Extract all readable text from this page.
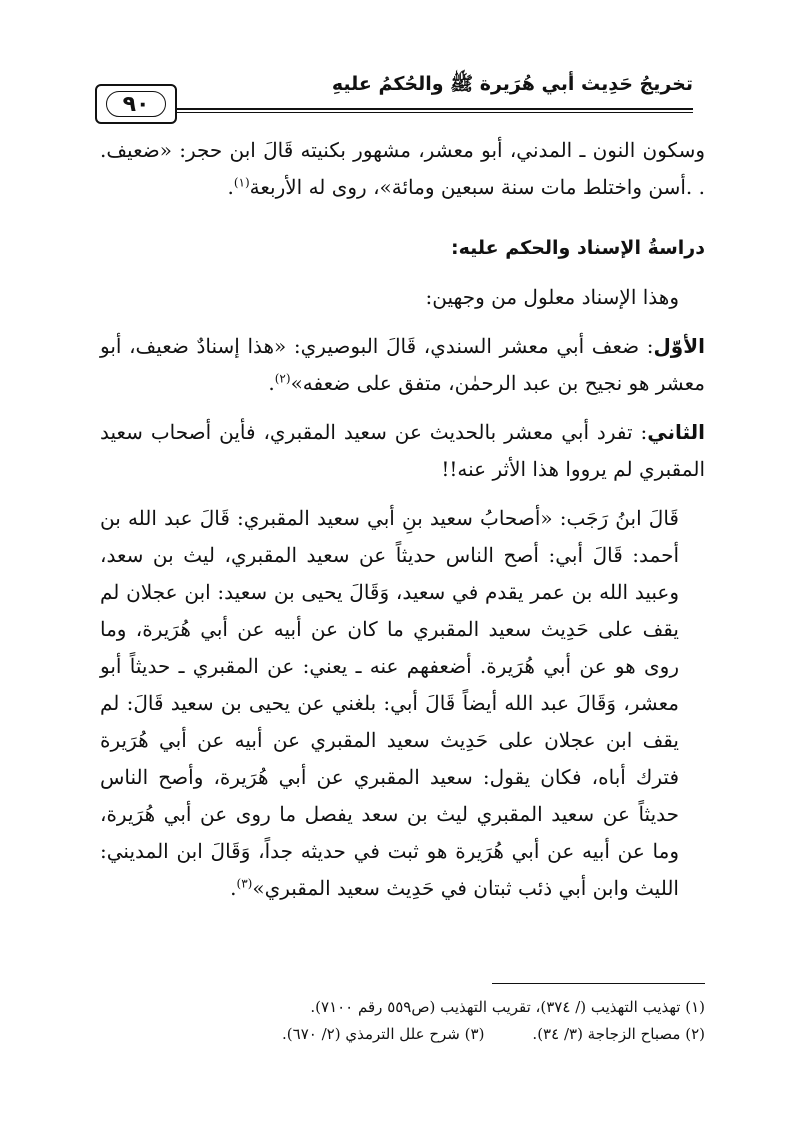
تخريجُ حَدِيث أبي هُرَيرة ﷺ والحُكمُ عليهِ
٩٠

وسكون النون ـ المدني، أبو معشر، مشهور بكنيته قَالَ ابن حجر: «ضعيف. . .أسن واختلط مات سنة سبعين ومائة»، روى له الأربعة$^{(١)}$.

دراسةُ الإسناد والحكم عليه:

وهذا الإسناد معلول من وجهين:

الأوّل: ضعف أبي معشر السندي، قَالَ البوصيري: «هذا إسنادٌ ضعيف، أبو معشر هو نجيح بن عبد الرحمٰن، متفق على ضعفه»$^{(٢)}$.

الثاني: تفرد أبي معشر بالحديث عن سعيد المقبري، فأين أصحاب سعيد المقبري لم يرووا هذا الأثر عنه!!

قَالَ ابنُ رَجَب: «أصحابُ سعيد بنِ أبي سعيد المقبري: قَالَ عبد الله بن أحمد: قَالَ أبي: أصح الناس حديثاً عن سعيد المقبري، ليث بن سعد، وعبيد الله بن عمر يقدم في سعيد، وَقَالَ يحيى بن سعيد: ابن عجلان لم يقف على حَدِيث سعيد المقبري ما كان عن أبيه عن أبي هُرَيرة، وما روى هو عن أبي هُرَيرة. أضعفهم عنه ـ يعني: عن المقبري ـ حديثاً أبو معشر، وَقَالَ عبد الله أيضاً قَالَ أبي: بلغني عن يحيى بن سعيد قَالَ: لم يقف ابن عجلان على حَدِيث سعيد المقبري عن أبيه عن أبي هُرَيرة فترك أباه، فكان يقول: سعيد المقبري عن أبي هُرَيرة، وأصح الناس حديثاً عن سعيد المقبري ليث بن سعد يفصل ما روى عن أبي هُرَيرة، وما عن أبيه عن أبي هُرَيرة هو ثبت في حديثه جداً، وَقَالَ ابن المديني: الليث وابن أبي ذئب ثبتان في حَدِيث سعيد المقبري»$^{(٣)}$.

(١) تهذيب التهذيب (/ ٣٧٤)، تقريب التهذيب (ص٥٥٩ رقم ٧١٠٠).
(٢) مصباح الزجاجة (٣/ ٣٤).
(٣) شرح علل الترمذي (٢/ ٦٧٠).
